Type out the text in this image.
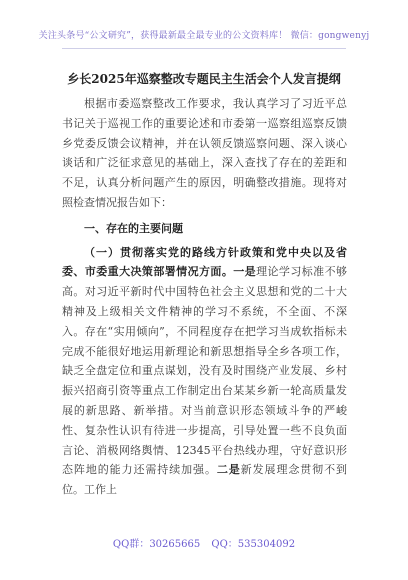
关注头条号“公文研究”，获得最新最全最专业的公文资料库！ 微信：gongwenyj
乡长2025年巡察整改专题民主生活会个人发言提纲

根据市委巡察整改工作要求，我认真学习了习近平总书记关于巡视工作的重要论述和市委第一巡察组巡察反馈乡党委反馈会议精神，并在认领反馈巡察问题、深入谈心谈话和广泛征求意见的基础上，深入查找了存在的差距和不足，认真分析问题产生的原因，明确整改措施。现将对照检查情况报告如下：

一、存在的主要问题

（一）贯彻落实党的路线方针政策和党中央以及省委、市委重大决策部署情况方面。一是理论学习标准不够高。对习近平新时代中国特色社会主义思想和党的二十大精神及上级相关文件精神的学习不系统，不全面、不深入。存在“实用倾向”，不同程度存在把学习当成软指标未完成不能很好地运用新理论和新思想指导全乡各项工作，缺乏全盘定位和重点谋划，没有及时围绕产业发展、乡村振兴招商引资等重点工作制定出台某某乡新一轮高质量发展的新思路、新举措。对当前意识形态领域斗争的严峻性、复杂性认识有待进一步提高，引导处置一些不良负面言论、消极网络舆情、12345平台热线办理，守好意识形态阵地的能力还需持续加强。二是新发展理念贯彻不到位。工作上

QQ群：30265665 QQ：535304092
